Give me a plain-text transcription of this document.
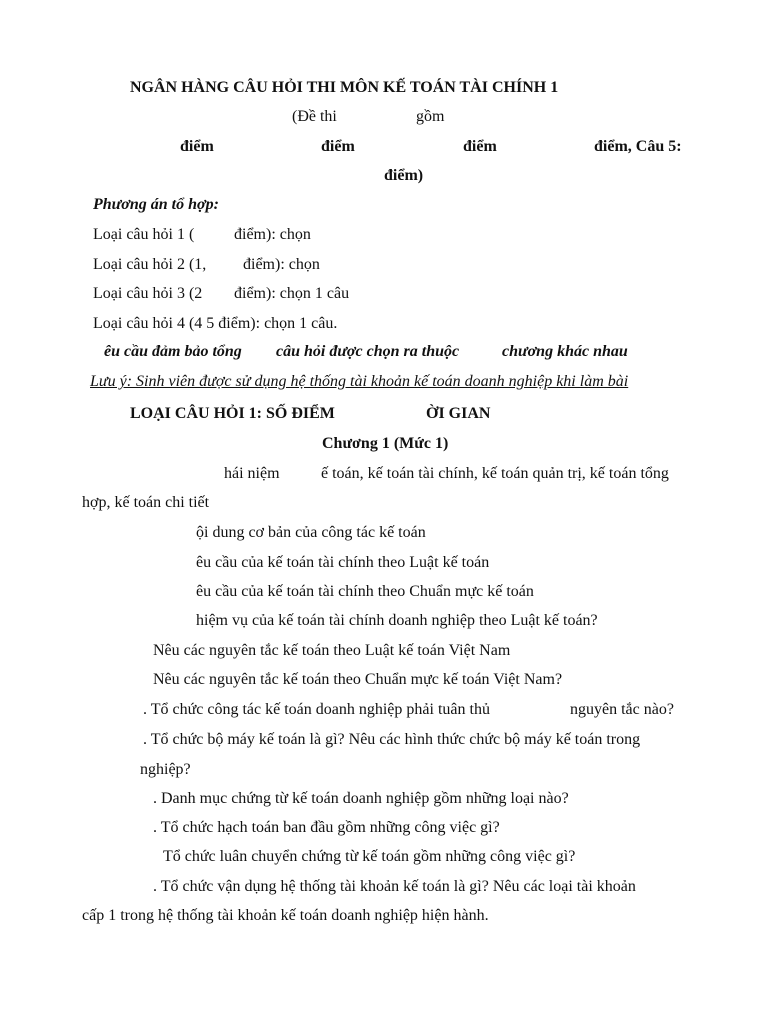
NGÂN HÀNG CÂU HỎI THI MÔN KẾ TOÁN TÀI CHÍNH 1
(Đề thi	gồm
điểm	điểm	điểm	điểm, Câu 5:
điểm)
Phương án tổ hợp:
Loại câu hỏi 1 ( điểm): chọn
Loại câu hỏi 2 (1, điểm): chọn
Loại câu hỏi 3 (2 điểm): chọn 1 câu
Loại câu hỏi 4 (4 5 điểm): chọn 1 câu.
êu cầu đảm bảo tổng câu hỏi được chọn ra thuộc	chương khác nhau
Lưu ý: Sinh viên được sử dụng hệ thống tài khoản kế toán doanh nghiệp khi làm bài
LOẠI CÂU HỎI 1: SỐ ĐIỂM	ỜI GIAN
Chương 1 (Mức 1)
hái niệm	ế toán, kế toán tài chính, kế toán quản trị, kế toán tổng
hợp, kế toán chi tiết
ội dung cơ bản của công tác kế toán
êu cầu của kế toán tài chính theo Luật kế toán
êu cầu của kế toán tài chính theo Chuẩn mực kế toán
hiệm vụ của kế toán tài chính doanh nghiệp theo Luật kế toán?
Nêu các nguyên tắc kế toán theo Luật kế toán Việt Nam
Nêu các nguyên tắc kế toán theo Chuẩn mực kế toán Việt Nam?
. Tổ chức công tác kế toán doanh nghiệp phải tuân thủ	nguyên tắc nào?
. Tổ chức bộ máy kế toán là gì? Nêu các hình thức chức bộ máy kế toán trong
nghiệp?
. Danh mục chứng từ kế toán doanh nghiệp gồm những loại nào?
. Tổ chức hạch toán ban đầu gồm những công việc gì?
Tổ chức luân chuyển chứng từ kế toán gồm những công việc gì?
. Tổ chức vận dụng hệ thống tài khoản kế toán là gì? Nêu các loại tài khoản
cấp 1 trong hệ thống tài khoản kế toán doanh nghiệp hiện hành.
